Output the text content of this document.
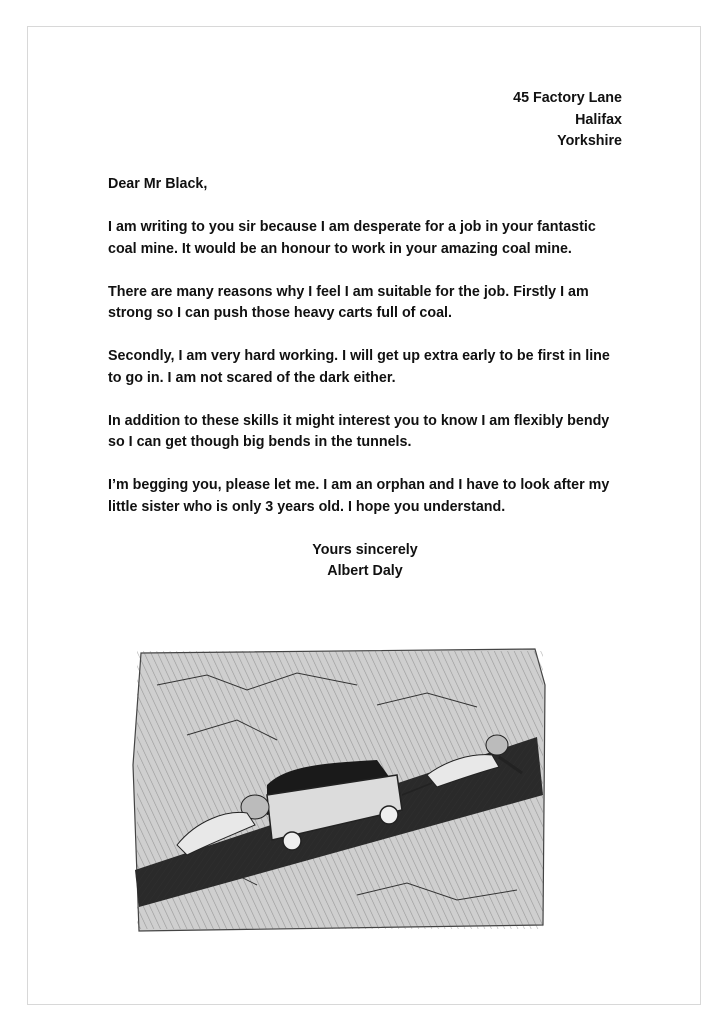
45 Factory Lane
Halifax
Yorkshire

Dear Mr Black,

I am writing to you sir because I am desperate for a job in your fantastic coal mine. It would be an honour to work in your amazing coal mine.

There are many reasons why I feel I am suitable for the job. Firstly I am strong so I can push those heavy carts full of coal.

Secondly, I am very hard working. I will get up extra early to be first in line to go in. I am not scared of the dark either.

In addition to these skills it might interest you to know I am flexibly bendy so I can get though big bends in the tunnels.

I’m begging you, please let me. I am an orphan and I have to look after my little sister who is only 3 years old. I hope you understand.

Yours sincerely
Albert Daly
